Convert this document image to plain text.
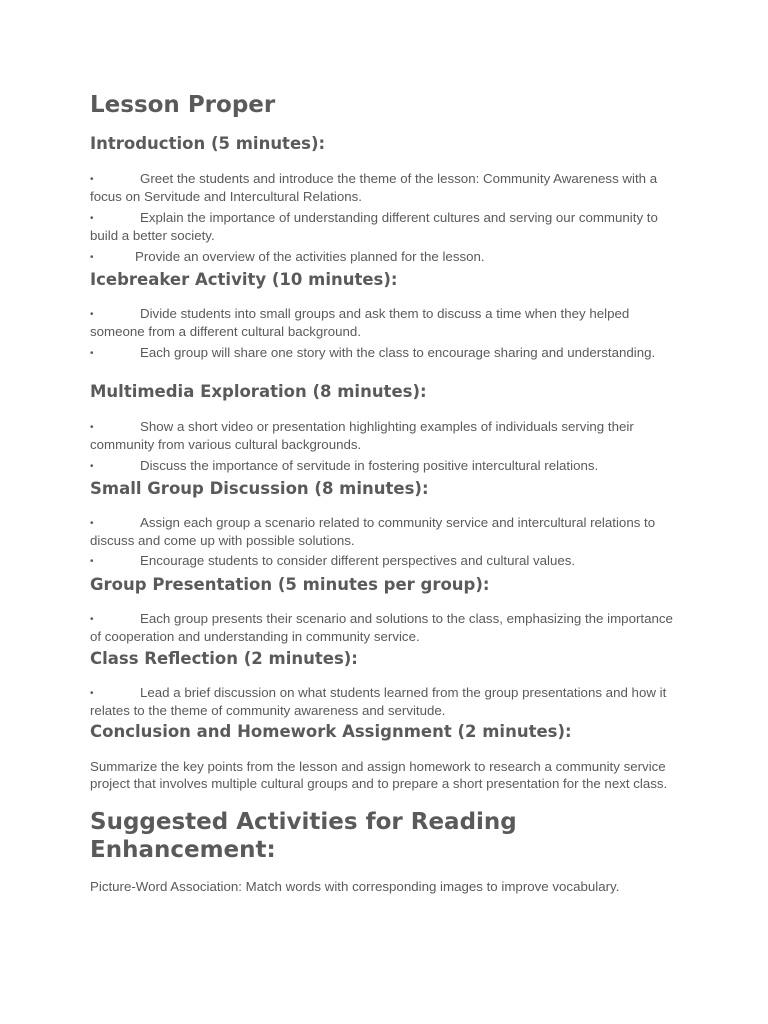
Lesson Proper
Introduction (5 minutes):

•	Greet the students and introduce the theme of the lesson: Community Awareness with a focus on Servitude and Intercultural Relations.

•	Explain the importance of understanding different cultures and serving our community to build a better society.

•	Provide an overview of the activities planned for the lesson.

Icebreaker Activity (10 minutes):

•	Divide students into small groups and ask them to discuss a time when they helped someone from a different cultural background.

•	Each group will share one story with the class to encourage sharing and understanding.

Multimedia Exploration (8 minutes):

•	Show a short video or presentation highlighting examples of individuals serving their community from various cultural backgrounds.

•	Discuss the importance of servitude in fostering positive intercultural relations.

Small Group Discussion (8 minutes):

•	Assign each group a scenario related to community service and intercultural relations to discuss and come up with possible solutions.

•	Encourage students to consider different perspectives and cultural values.

Group Presentation (5 minutes per group):

•	Each group presents their scenario and solutions to the class, emphasizing the importance of cooperation and understanding in community service.

Class Reflection (2 minutes):

•	Lead a brief discussion on what students learned from the group presentations and how it relates to the theme of community awareness and servitude.

Conclusion and Homework Assignment (2 minutes):

Summarize the key points from the lesson and assign homework to research a community service project that involves multiple cultural groups and to prepare a short presentation for the next class.

Suggested Activities for Reading Enhancement:

Picture-Word Association: Match words with corresponding images to improve vocabulary.
